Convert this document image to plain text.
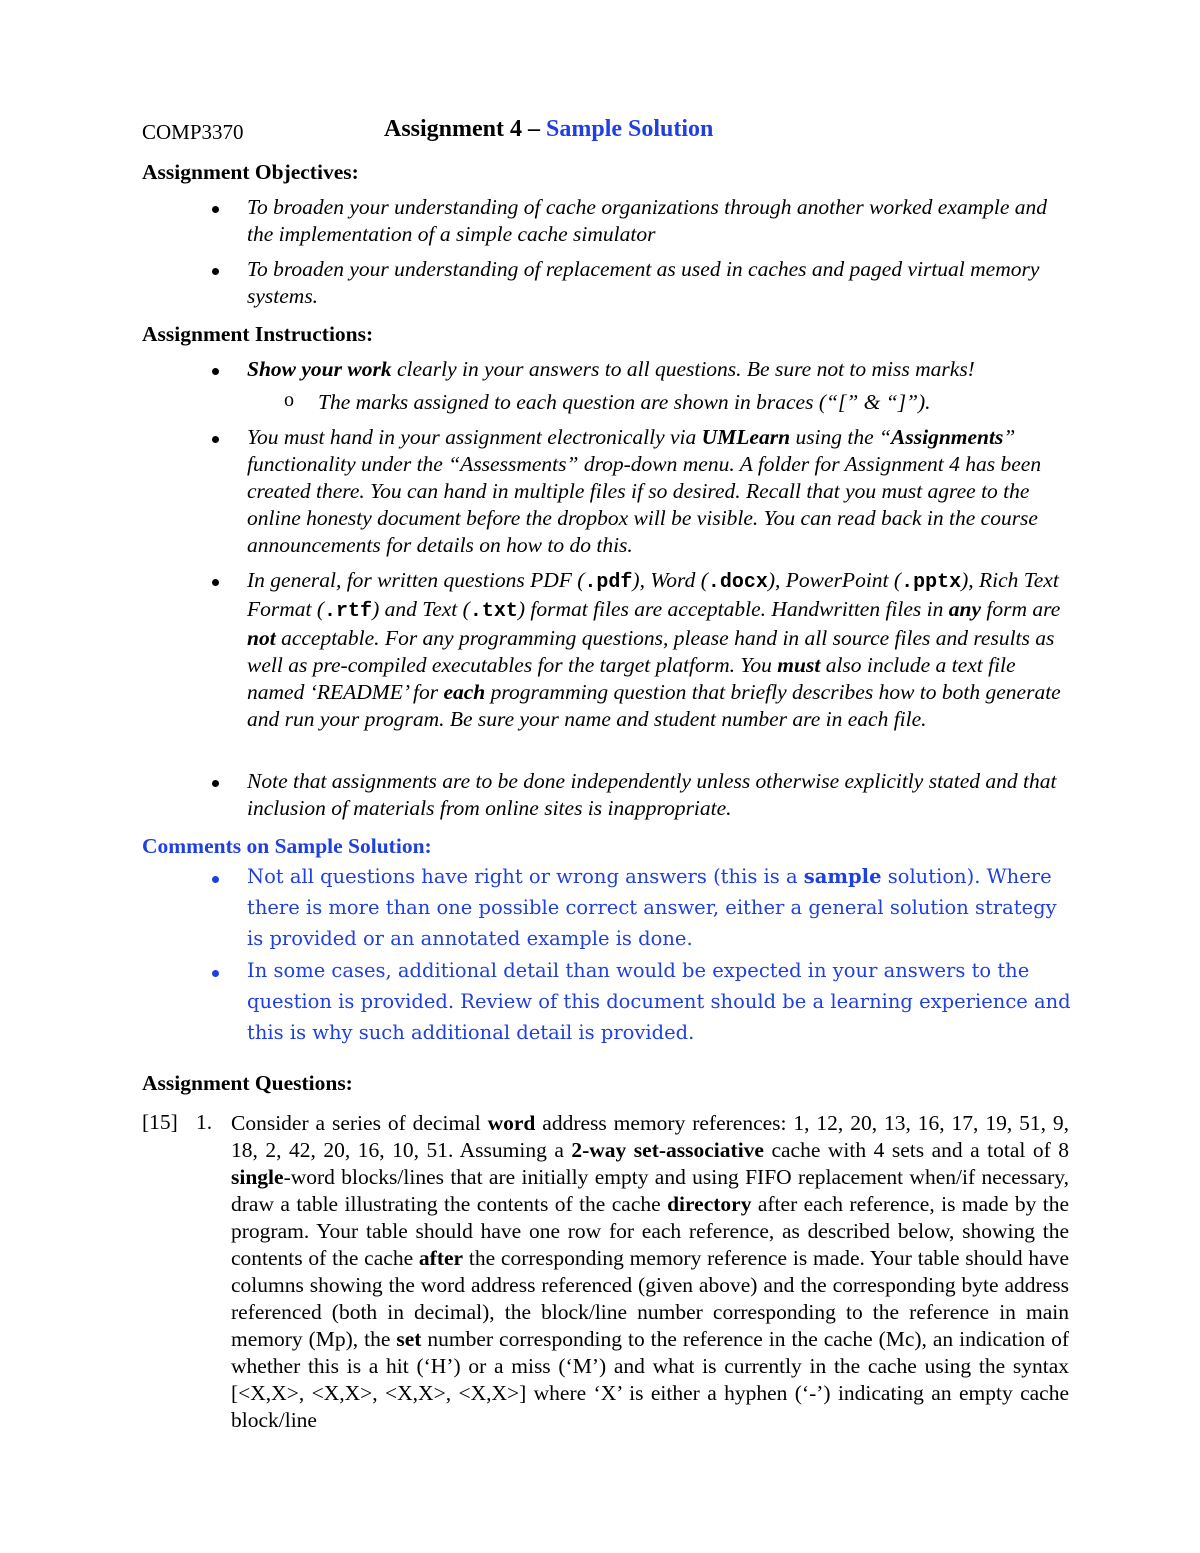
COMP3370	Assignment 4 – Sample Solution
Assignment Objectives:
To broaden your understanding of cache organizations through another worked example and the implementation of a simple cache simulator
To broaden your understanding of replacement as used in caches and paged virtual memory systems.
Assignment Instructions:
Show your work clearly in your answers to all questions. Be sure not to miss marks!
o The marks assigned to each question are shown in braces (“[” & “]”).
You must hand in your assignment electronically via UMLearn using the “Assignments” functionality under the “Assessments” drop-down menu. A folder for Assignment 4 has been created there. You can hand in multiple files if so desired. Recall that you must agree to the online honesty document before the dropbox will be visible. You can read back in the course announcements for details on how to do this.
In general, for written questions PDF (.pdf), Word (.docx), PowerPoint (.pptx), Rich Text Format (.rtf) and Text (.txt) format files are acceptable. Handwritten files in any form are not acceptable. For any programming questions, please hand in all source files and results as well as pre-compiled executables for the target platform. You must also include a text file named ‘README’ for each programming question that briefly describes how to both generate and run your program. Be sure your name and student number are in each file.
Note that assignments are to be done independently unless otherwise explicitly stated and that inclusion of materials from online sites is inappropriate.
Comments on Sample Solution:
Not all questions have right or wrong answers (this is a sample solution). Where there is more than one possible correct answer, either a general solution strategy is provided or an annotated example is done.
In some cases, additional detail than would be expected in your answers to the question is provided. Review of this document should be a learning experience and this is why such additional detail is provided.
Assignment Questions:
[15] 1. Consider a series of decimal word address memory references: 1, 12, 20, 13, 16, 17, 19, 51, 9, 18, 2, 42, 20, 16, 10, 51. Assuming a 2-way set-associative cache with 4 sets and a total of 8 single-word blocks/lines that are initially empty and using FIFO replacement when/if necessary, draw a table illustrating the contents of the cache directory after each reference, is made by the program. Your table should have one row for each reference, as described below, showing the contents of the cache after the corresponding memory reference is made. Your table should have columns showing the word address referenced (given above) and the corresponding byte address referenced (both in decimal), the block/line number corresponding to the reference in main memory (Mp), the set number corresponding to the reference in the cache (Mc), an indication of whether this is a hit (‘H’) or a miss (‘M’) and what is currently in the cache using the syntax [<X,X>, <X,X>, <X,X>, <X,X>] where ‘X’ is either a hyphen (‘-’) indicating an empty cache block/line
